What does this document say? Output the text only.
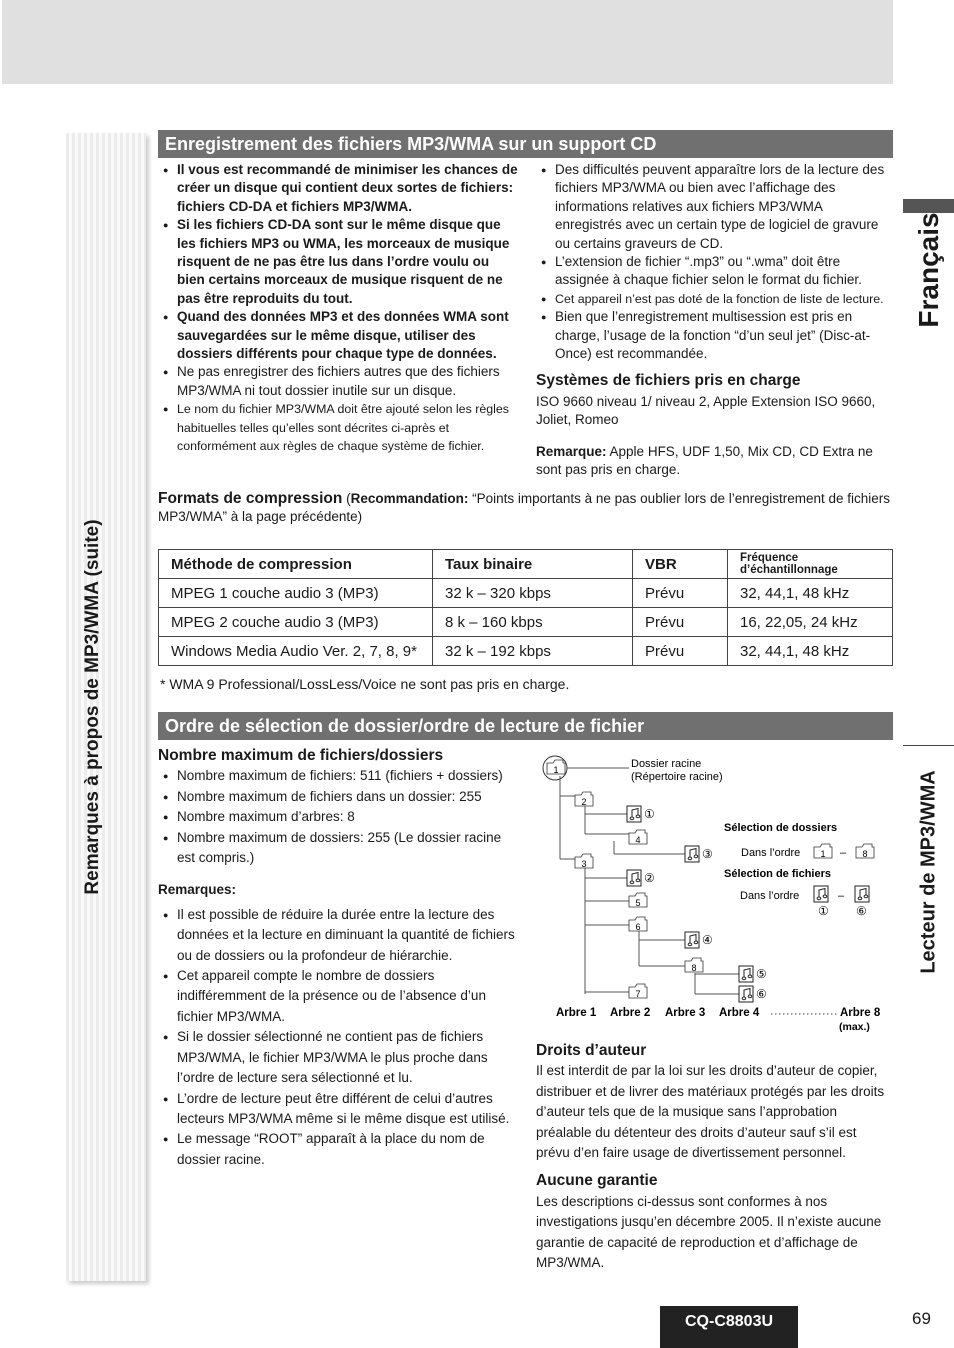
Remarques à propos de MP3/WMA (suite)
Français
Lecteur de MP3/WMA
Enregistrement des fichiers MP3/WMA sur un support CD
● Il vous est recommandé de minimiser les chances de créer un disque qui contient deux sortes de fichiers: fichiers CD-DA et fichiers MP3/WMA.
● Si les fichiers CD-DA sont sur le même disque que les fichiers MP3 ou WMA, les morceaux de musique risquent de ne pas être lus dans l’ordre voulu ou bien certains morceaux de musique risquent de ne pas être reproduits du tout.
● Quand des données MP3 et des données WMA sont sauvegardées sur le même disque, utiliser des dossiers différents pour chaque type de données.
● Ne pas enregistrer des fichiers autres que des fichiers MP3/WMA ni tout dossier inutile sur un disque.
● Le nom du fichier MP3/WMA doit être ajouté selon les règles habituelles telles qu’elles sont décrites ci-après et conformément aux règles de chaque système de fichier.
● Des difficultés peuvent apparaître lors de la lecture des fichiers MP3/WMA ou bien avec l’affichage des informations relatives aux fichiers MP3/WMA enregistrés avec un certain type de logiciel de gravure ou certains graveurs de CD.
● L’extension de fichier “.mp3” ou “.wma” doit être assignée à chaque fichier selon le format du fichier.
● Cet appareil n’est pas doté de la fonction de liste de lecture.
● Bien que l’enregistrement multisession est pris en charge, l’usage de la fonction “d’un seul jet” (Disc-at-Once) est recommandée.

Systèmes de fichiers pris en charge

ISO 9660 niveau 1/ niveau 2, Apple Extension ISO 9660, Joliet, Romeo
Remarque: Apple HFS, UDF 1,50, Mix CD, CD Extra ne sont pas pris en charge.
Formats de compression (Recommandation: “Points importants à ne pas oublier lors de l’enregistrement de fichiers MP3/WMA” à la page précédente)
Méthode de compression	Taux binaire	VBR	Fréquence d’échantillonnage
MPEG 1 couche audio 3 (MP3)	32 k – 320 kbps	Prévu	32, 44,1, 48 kHz
MPEG 2 couche audio 3 (MP3)	8 k – 160 kbps	Prévu	16, 22,05, 24 kHz
Windows Media Audio Ver. 2, 7, 8, 9*	32 k – 192 kbps	Prévu	32, 44,1, 48 kHz
* WMA 9 Professional/LossLess/Voice ne sont pas pris en charge.
Ordre de sélection de dossier/ordre de lecture de fichier

Nombre maximum de fichiers/dossiers

● Nombre maximum de fichiers: 511 (fichiers + dossiers)
● Nombre maximum de fichiers dans un dossier: 255
● Nombre maximum d’arbres: 8
● Nombre maximum de dossiers: 255 (Le dossier racine est compris.)
Remarques:
● Il est possible de réduire la durée entre la lecture des données et la lecture en diminuant la quantité de fichiers ou de dossiers ou la profondeur de hiérarchie.
● Cet appareil compte le nombre de dossiers indifféremment de la présence ou de l’absence d’un fichier MP3/WMA.
● Si le dossier sélectionné ne contient pas de fichiers MP3/WMA, le fichier MP3/WMA le plus proche dans l’ordre de lecture sera sélectionné et lu.
● L’ordre de lecture peut être différent de celui d’autres lecteurs MP3/WMA même si le même disque est utilisé.
● Le message “ROOT” apparaît à la place du nom de dossier racine.
1
2
3
4
5
6
7
8
①
②
③
④
⑤
⑥
Dossier racine
(Répertoire racine)
Sélection de dossiers
Dans l’ordre 1 – 8
Sélection de fichiers
Dans l’ordre
①
–
⑥
Arbre 1 Arbre 2 Arbre 3 Arbre 4	Arbre 8
(max.)

Droits d’auteur

Il est interdit de par la loi sur les droits d’auteur de copier, distribuer et de livrer des matériaux protégés par les droits d’auteur tels que de la musique sans l’approbation préalable du détenteur des droits d’auteur sauf s’il est prévu d’en faire usage de divertissement personnel.

Aucune garantie

Les descriptions ci-dessus sont conformes à nos investigations jusqu’en décembre 2005. Il n’existe aucune garantie de capacité de reproduction et d’affichage de MP3/WMA.
CQ-C8803U	69
